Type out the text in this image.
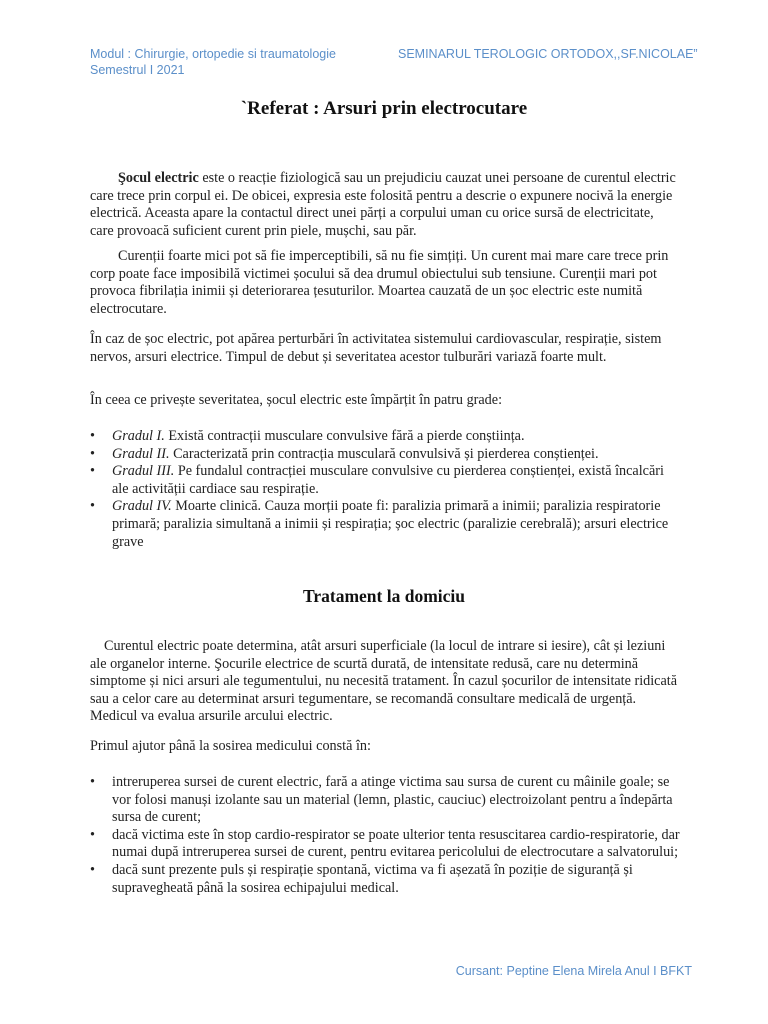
Modul : Chirurgie, ortopedie si traumatologie
Semestrul I 2021
SEMINARUL TEROLOGIC ORTODOX,,SF.NICOLAE”
`Referat : Arsuri prin electrocutare

Şocul electric este o reacție fiziologică sau un prejudiciu cauzat unei persoane de curentul electric care trece prin corpul ei. De obicei, expresia este folosită pentru a descrie o expunere nocivă la energie electrică. Aceasta apare la contactul direct unei părți a corpului uman cu orice sursă de electricitate, care provoacă suficient curent prin piele, mușchi, sau păr.

Curenții foarte mici pot să fie imperceptibili, să nu fie simțiți. Un curent mai mare care trece prin corp poate face imposibilă victimei șocului să dea drumul obiectului sub tensiune. Curenții mari pot provoca fibrilația inimii și deteriorarea țesuturilor. Moartea cauzată de un șoc electric este numită electrocutare.

În caz de șoc electric, pot apărea perturbări în activitatea sistemului cardiovascular, respirație, sistem nervos, arsuri electrice. Timpul de debut și severitatea acestor tulburări variază foarte mult.

În ceea ce privește severitatea, șocul electric este împărțit în patru grade:

• Gradul I. Există contracții musculare convulsive fără a pierde conștiința.
• Gradul II. Caracterizată prin contracția musculară convulsivă și pierderea conștienței.
• Gradul III. Pe fundalul contracției musculare convulsive cu pierderea conștienței, există încalcări ale activității cardiace sau respirație.
• Gradul IV. Moarte clinică. Cauza morții poate fi: paralizia primară a inimii; paralizia respiratorie primară; paralizia simultană a inimii și respirația; șoc electric (paralizie cerebrală); arsuri electrice grave
Tratament la domiciu

Curentul electric poate determina, atât arsuri superficiale (la locul de intrare si iesire), cât și leziuni ale organelor interne. Şocurile electrice de scurtă durată, de intensitate redusă, care nu determină simptome și nici arsuri ale tegumentului, nu necesită tratament. În cazul șocurilor de intensitate ridicată sau a celor care au determinat arsuri tegumentare, se recomandă consultare medicală de urgență. Medicul va evalua arsurile arcului electric.

Primul ajutor până la sosirea medicului constă în:

• intreruperea sursei de curent electric, fară a atinge victima sau sursa de curent cu mâinile goale; se vor folosi manuși izolante sau un material (lemn, plastic, cauciuc) electroizolant pentru a îndepărta sursa de curent;
• dacă victima este în stop cardio-respirator se poate ulterior tenta resuscitarea cardio-respiratorie, dar numai după intreruperea sursei de curent, pentru evitarea pericolului de electrocutare a salvatorului;
• dacă sunt prezente puls și respirație spontană, victima va fi așezată în poziție de siguranță și supravegheată până la sosirea echipajului medical.
Cursant: Peptine Elena Mirela Anul I BFKT
